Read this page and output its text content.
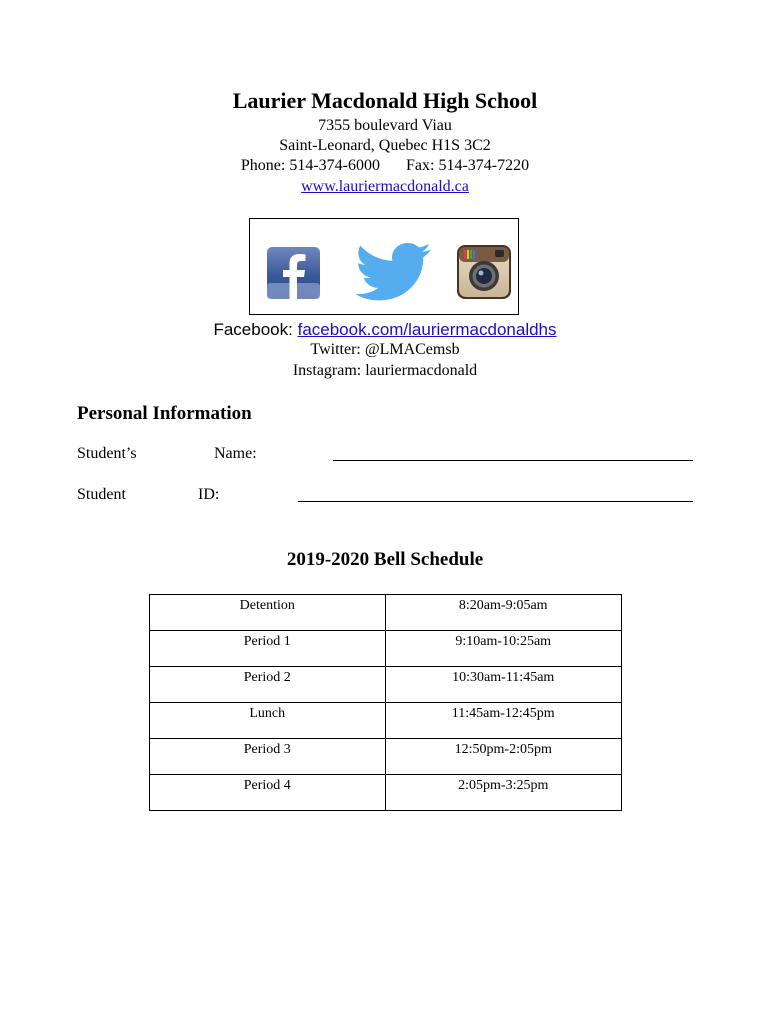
Laurier Macdonald High School
7355 boulevard Viau
Saint-Leonard, Quebec H1S 3C2
Phone: 514-374-6000 Fax: 514-374-7220
www.lauriermacdonald.ca
Facebook: facebook.com/lauriermacdonaldhs
Twitter: @LMACemsb
Instagram: lauriermacdonald
Personal Information
Student’s	Name:
Student	ID:
2019-2020 Bell Schedule
Detention	8:20am-9:05am
Period 1	9:10am-10:25am
Period 2	10:30am-11:45am
Lunch	11:45am-12:45pm
Period 3	12:50pm-2:05pm
Period 4	2:05pm-3:25pm
